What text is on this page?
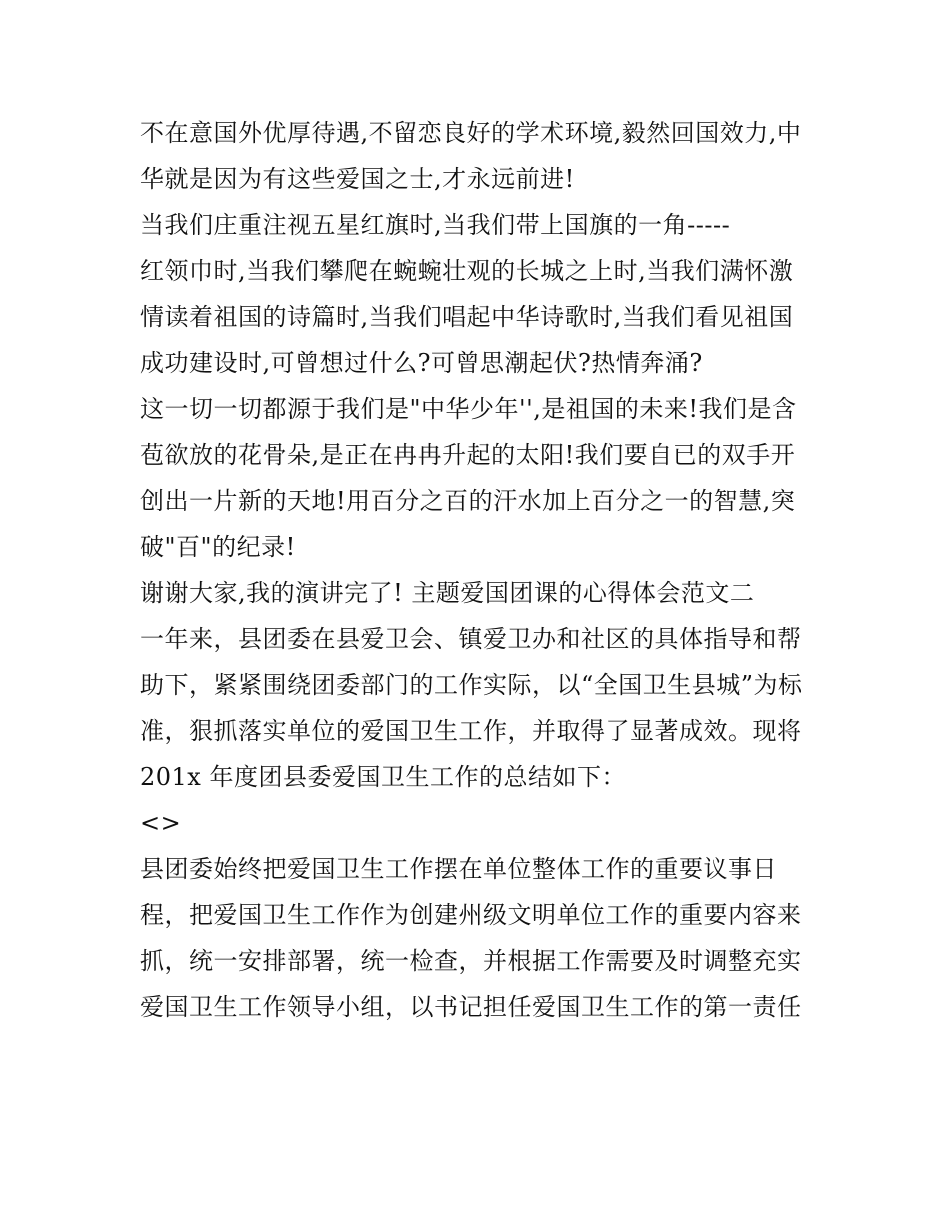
不在意国外优厚待遇,不留恋良好的学术环境,毅然回国效力,中
华就是因为有这些爱国之士,才永远前进!
当我们庄重注视五星红旗时,当我们带上国旗的一角-----
红领巾时,当我们攀爬在蜿蜿壮观的长城之上时,当我们满怀激
情读着祖国的诗篇时,当我们唱起中华诗歌时,当我们看见祖国
成功建设时,可曾想过什么?可曾思潮起伏?热情奔涌?
这一切一切都源于我们是"中华少年'',是祖国的未来!我们是含
苞欲放的花骨朵,是正在冉冉升起的太阳!我们要自已的双手开
创出一片新的天地!用百分之百的汗水加上百分之一的智慧,突
破"百"的纪录!
谢谢大家,我的演讲完了! 主题爱国团课的心得体会范文二
一年来，县团委在县爱卫会、镇爱卫办和社区的具体指导和帮
助下，紧紧围绕团委部门的工作实际，以“全国卫生县城”为标
准，狠抓落实单位的爱国卫生工作，并取得了显著成效。现将
201x 年度团县委爱国卫生工作的总结如下：
<>
县团委始终把爱国卫生工作摆在单位整体工作的重要议事日
程，把爱国卫生工作作为创建州级文明单位工作的重要内容来
抓，统一安排部署，统一检查，并根据工作需要及时调整充实
爱国卫生工作领导小组，以书记担任爱国卫生工作的第一责任
